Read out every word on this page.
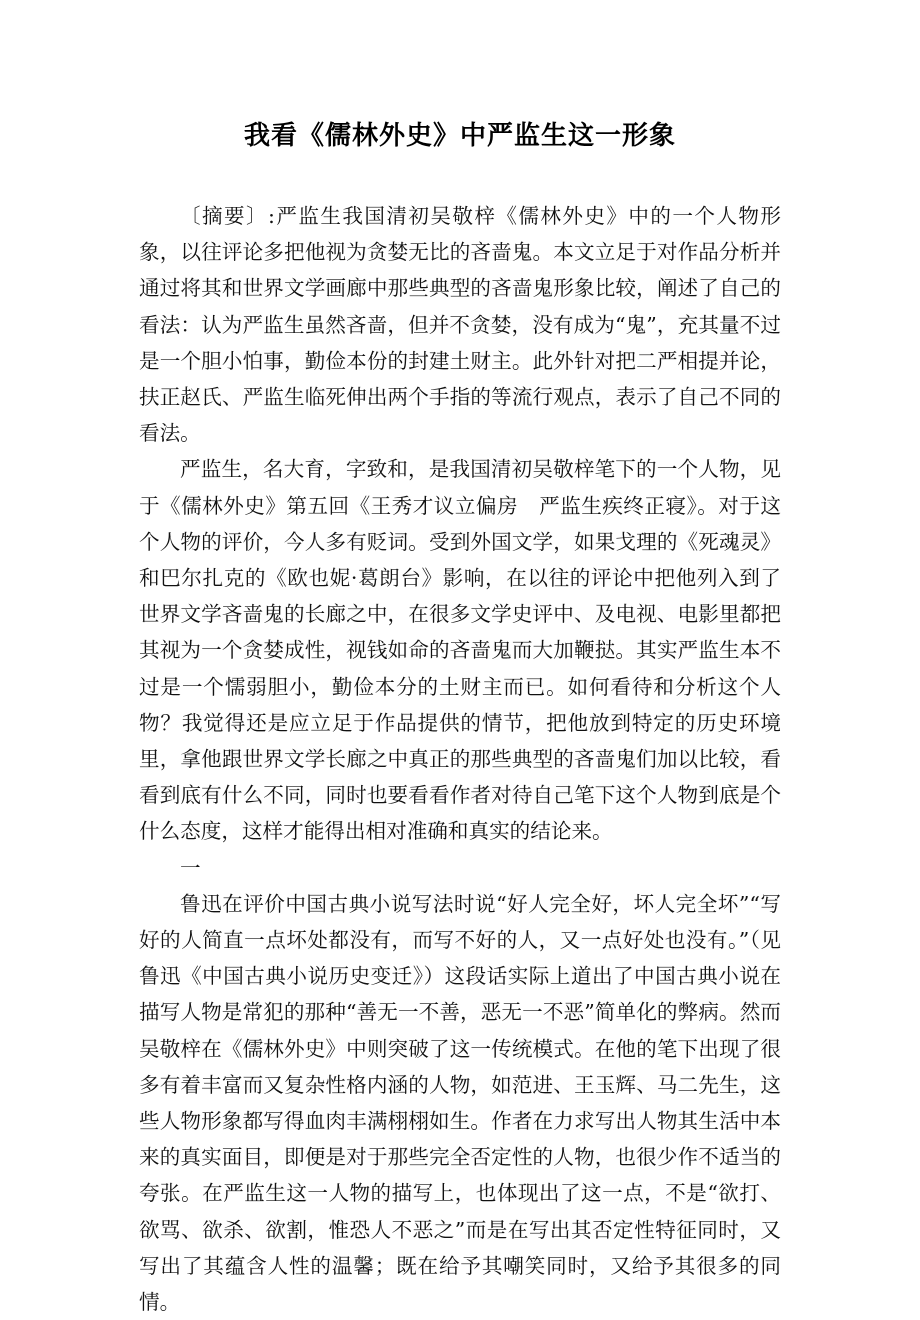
我看《儒林外史》中严监生这一形象

〔摘要〕:严监生我国清初吴敬梓《儒林外史》中的一个人物形象，以往评论多把他视为贪婪无比的吝啬鬼。本文立足于对作品分析并通过将其和世界文学画廊中那些典型的吝啬鬼形象比较，阐述了自己的看法：认为严监生虽然吝啬，但并不贪婪，没有成为“鬼”，充其量不过是一个胆小怕事，勤俭本份的封建土财主。此外针对把二严相提并论，扶正赵氏、严监生临死伸出两个手指的等流行观点，表示了自己不同的看法。

严监生，名大育，字致和，是我国清初吴敬梓笔下的一个人物，见于《儒林外史》第五回《王秀才议立偏房　严监生疾终正寝》。对于这个人物的评价，今人多有贬词。受到外国文学，如果戈理的《死魂灵》和巴尔扎克的《欧也妮·葛朗台》影响，在以往的评论中把他列入到了世界文学吝啬鬼的长廊之中，在很多文学史评中、及电视、电影里都把其视为一个贪婪成性，视钱如命的吝啬鬼而大加鞭挞。其实严监生本不过是一个懦弱胆小，勤俭本分的土财主而已。如何看待和分析这个人物？我觉得还是应立足于作品提供的情节，把他放到特定的历史环境里，拿他跟世界文学长廊之中真正的那些典型的吝啬鬼们加以比较，看看到底有什么不同，同时也要看看作者对待自己笔下这个人物到底是个什么态度，这样才能得出相对准确和真实的结论来。

一

鲁迅在评价中国古典小说写法时说“好人完全好，坏人完全坏”“写好的人简直一点坏处都没有，而写不好的人，又一点好处也没有。”（见鲁迅《中国古典小说历史变迁》）这段话实际上道出了中国古典小说在描写人物是常犯的那种“善无一不善，恶无一不恶”简单化的弊病。然而吴敬梓在《儒林外史》中则突破了这一传统模式。在他的笔下出现了很多有着丰富而又复杂性格内涵的人物，如范进、王玉辉、马二先生，这些人物形象都写得血肉丰满栩栩如生。作者在力求写出人物其生活中本来的真实面目，即便是对于那些完全否定性的人物，也很少作不适当的夸张。在严监生这一人物的描写上，也体现出了这一点，不是“欲打、欲骂、欲杀、欲割，惟恐人不恶之”而是在写出其否定性特征同时，又写出了其蕴含人性的温馨；既在给予其嘲笑同时，又给予其很多的同情。
